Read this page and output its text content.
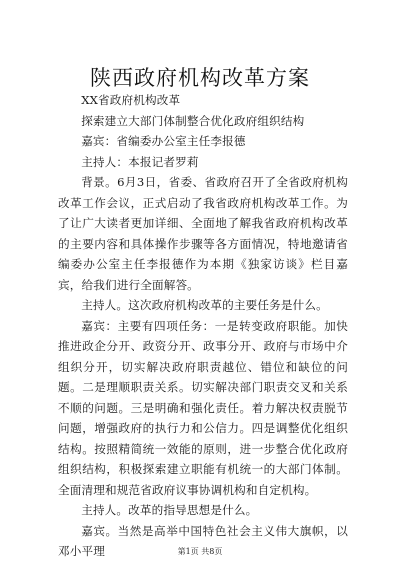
陕西政府机构改革方案

XX省政府机构改革

探索建立大部门体制整合优化政府组织结构

嘉宾：省编委办公室主任李报德

主持人：本报记者罗莉

背景。6月3日，省委、省政府召开了全省政府机构改革工作会议，正式启动了我省政府机构改革工作。为了让广大读者更加详细、全面地了解我省政府机构改革的主要内容和具体操作步骤等各方面情况，特地邀请省编委办公室主任李报德作为本期《独家访谈》栏目嘉宾，给我们进行全面解答。

主持人。这次政府机构改革的主要任务是什么。

嘉宾：主要有四项任务：一是转变政府职能。加快推进政企分开、政资分开、政事分开、政府与市场中介组织分开，切实解决政府职责越位、错位和缺位的问题。二是理顺职责关系。切实解决部门职责交叉和关系不顺的问题。三是明确和强化责任。着力解决权责脱节问题，增强政府的执行力和公信力。四是调整优化组织结构。按照精简统一效能的原则，进一步整合优化政府组织结构，积极探索建立职能有机统一的大部门体制。全面清理和规范省政府议事协调机构和自定机构。

主持人。改革的指导思想是什么。

嘉宾。当然是高举中国特色社会主义伟大旗帜，以邓小平理	第1页 共8页
